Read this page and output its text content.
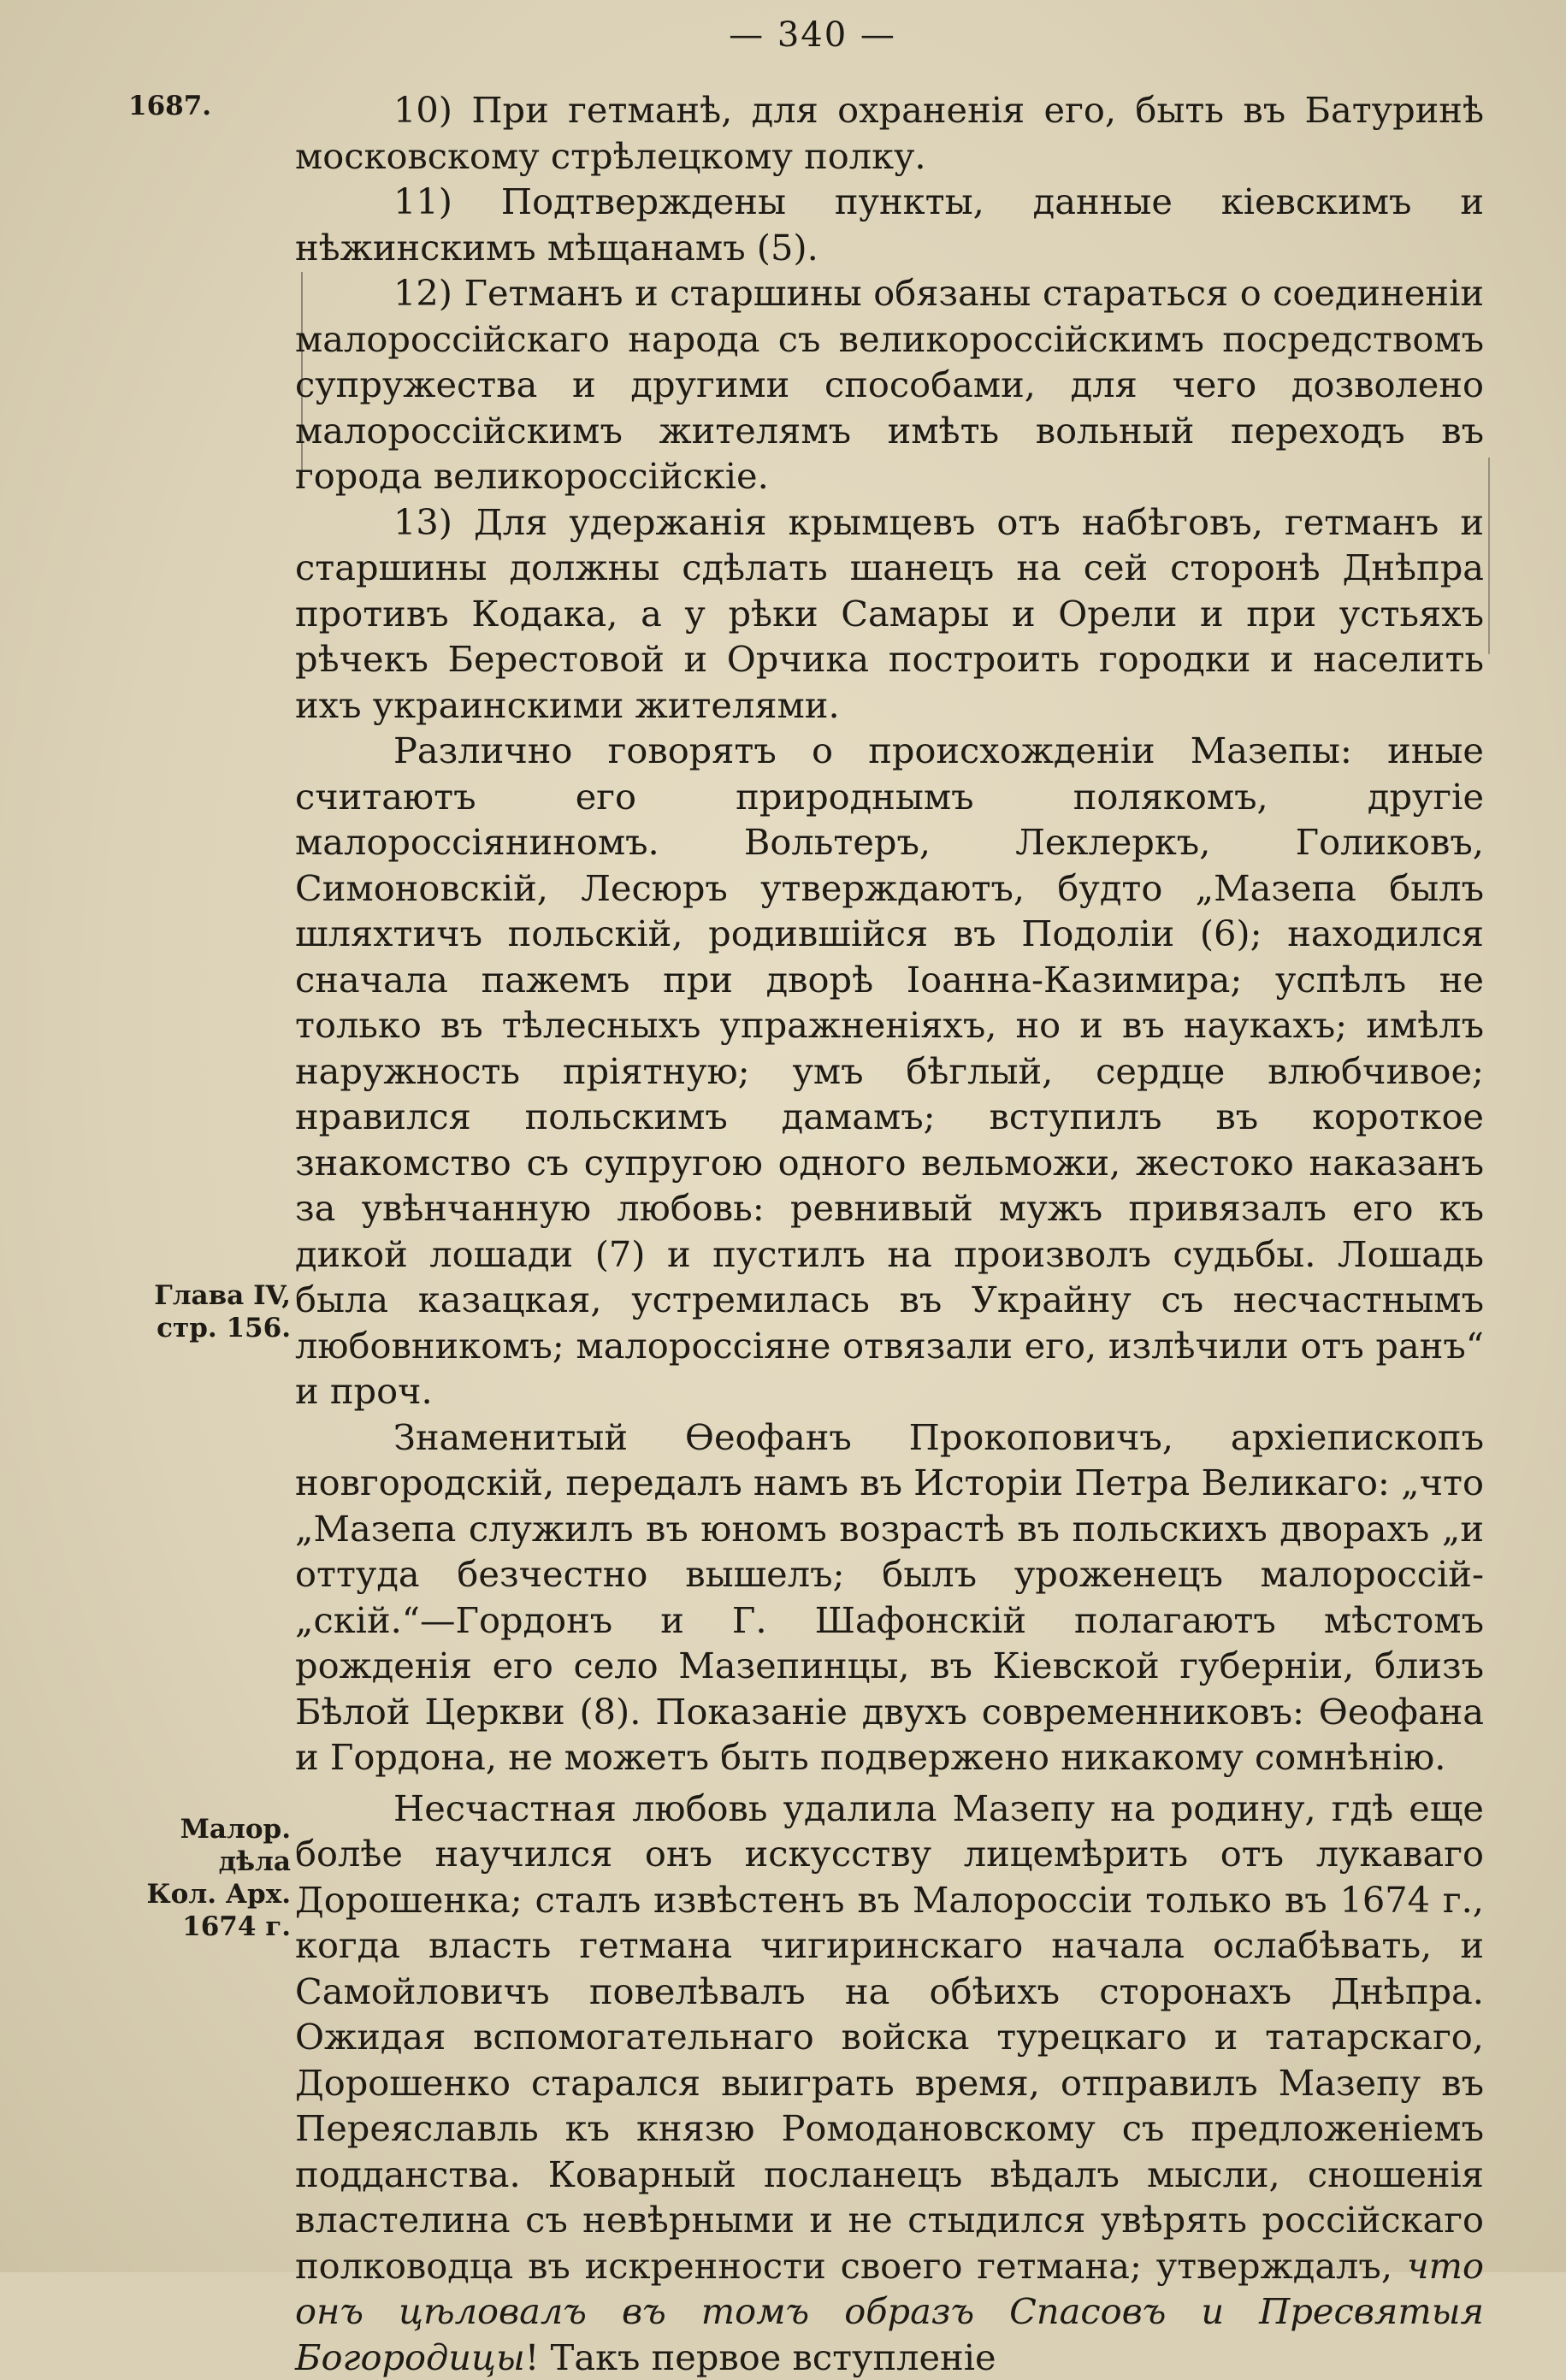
— 340 —
1687.
Глава IV,
стр. 156.
Малор.
дѣла
Кол. Арх.
1674 г.

10) При гетманѣ, для охраненія его, быть въ Батуринѣ московскому стрѣлецкому полку.

11) Подтверждены пункты, данные кіевскимъ и нѣжинскимъ мѣщанамъ (5).

12) Гетманъ и старшины обязаны стараться о соединеніи малороссійскаго народа съ великороссійскимъ посредствомъ супружества и другими способами, для чего дозволено малороссійскимъ жителямъ имѣть вольный переходъ въ города великороссійскіе.

13) Для удержанія крымцевъ отъ набѣговъ, гетманъ и старшины должны сдѣлать шанецъ на сей сторонѣ Днѣпра противъ Кодака, а у рѣки Самары и Орели и при устьяхъ рѣчекъ Берестовой и Орчика построить городки и населить ихъ украинскими жителями.

Различно говорятъ о происхожденіи Мазепы: иные считаютъ его природнымъ полякомъ, другіе малороссіяниномъ. Вольтеръ, Леклеркъ, Голиковъ, Симоновскій, Лесюръ утверждаютъ, будто „Мазепа былъ шляхтичъ польскій, родившійся въ Подоліи (6); находился сначала пажемъ при дворѣ Іоанна-Казимира; успѣлъ не только въ тѣлесныхъ упражненіяхъ, но и въ наукахъ; имѣлъ наружность пріятную; умъ бѣглый, сердце влюбчивое; нравился польскимъ дамамъ; вступилъ въ короткое знакомство съ супругою одного вельможи, жестоко наказанъ за увѣнчанную любовь: ревнивый мужъ привязалъ его къ дикой лошади (7) и пустилъ на произволъ судьбы. Лошадь была казацкая, устремилась въ Украйну съ несчастнымъ любовникомъ; малороссіяне отвязали его, излѣчили отъ ранъ“ и проч.

Знаменитый Ѳеофанъ Прокоповичъ, архіепископъ новгородскій, передалъ намъ въ Исторіи Петра Великаго: „что „Мазепа служилъ въ юномъ возрастѣ въ польскихъ дворахъ „и оттуда безчестно вышелъ; былъ уроженецъ малороссій- „скій.“—Гордонъ и Г. Шафонскій полагаютъ мѣстомъ рожденія его село Мазепинцы, въ Кіевской губерніи, близъ Бѣлой Церкви (8). Показаніе двухъ современниковъ: Ѳеофана и Гордона, не можетъ быть подвержено никакому сомнѣнію.

Несчастная любовь удалила Мазепу на родину, гдѣ еще болѣе научился онъ искусству лицемѣрить отъ лукаваго Дорошенка; сталъ извѣстенъ въ Малороссіи только въ 1674 г., когда власть гетмана чигиринскаго начала ослабѣвать, и Самойловичъ повелѣвалъ на обѣихъ сторонахъ Днѣпра. Ожидая вспомогательнаго войска турецкаго и татарскаго, Дорошенко старался выиграть время, отправилъ Мазепу въ Переяславль къ князю Ромодановскому съ предложеніемъ подданства. Коварный посланецъ вѣдалъ мысли, сношенія властелина съ невѣрными и не стыдился увѣрять россійскаго полководца въ искренности своего гетмана; утверждалъ, что онъ цѣловалъ въ томъ образъ Спасовъ и Пресвятыя Богородицы! Такъ первое вступленіе
